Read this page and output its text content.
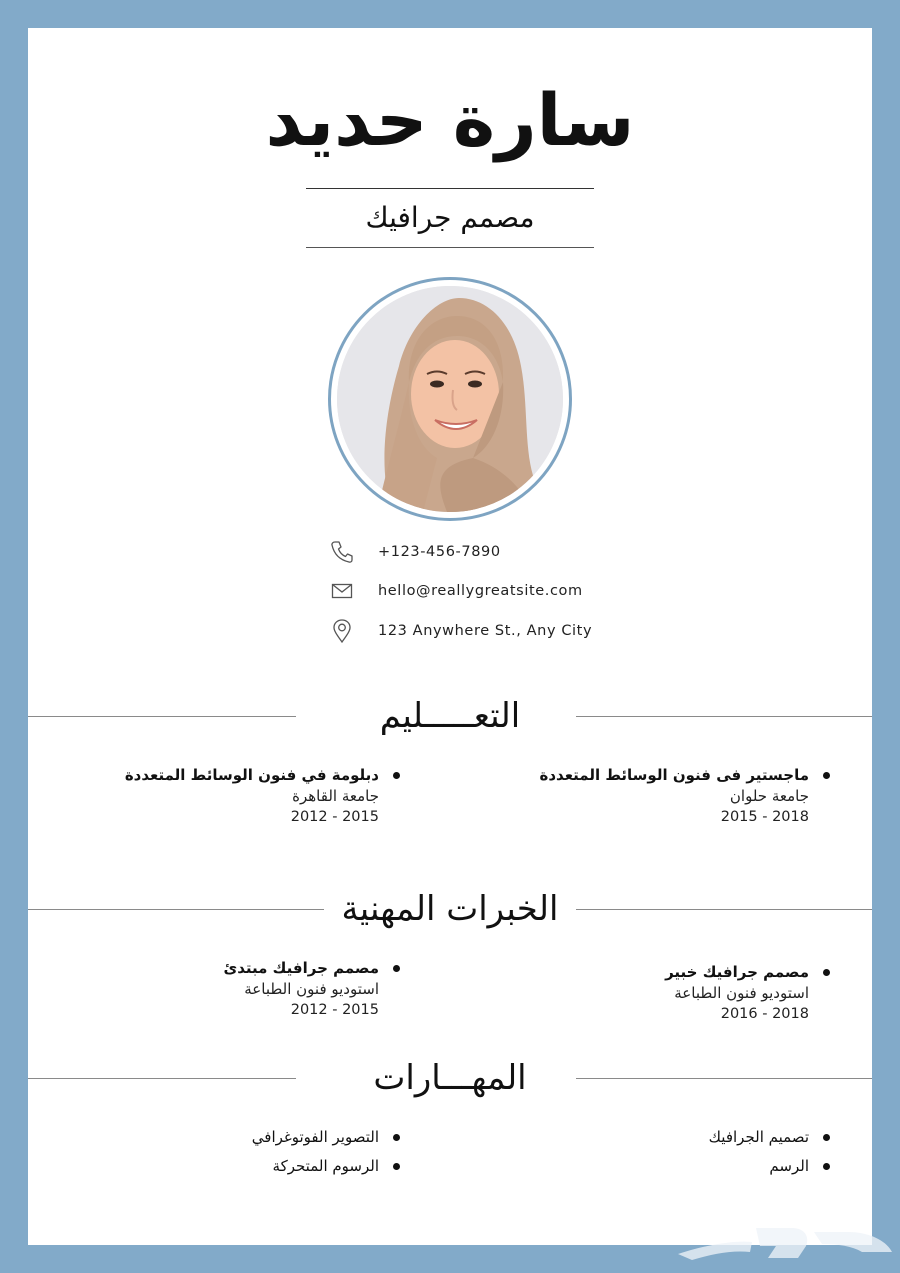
سارة حديد
مصمم جرافيك
+123-456-7890
hello@reallygreatsite.com
123 Anywhere St., Any City
التعـــــليم
ماجستير فى فنون الوسائط المتعددة
جامعة حلوان
2015 - 2018
دبلومة في فنون الوسائط المتعددة
جامعة القاهرة
2012 - 2015
الخبرات المهنية
مصمم جرافيك خبير
استوديو فنون الطباعة
2016 - 2018
مصمم جرافيك مبتدئ
استوديو فنون الطباعة
2012 - 2015
المهـــارات
تصميم الجرافيك
الرسم
التصوير الفوتوغرافي
الرسوم المتحركة
